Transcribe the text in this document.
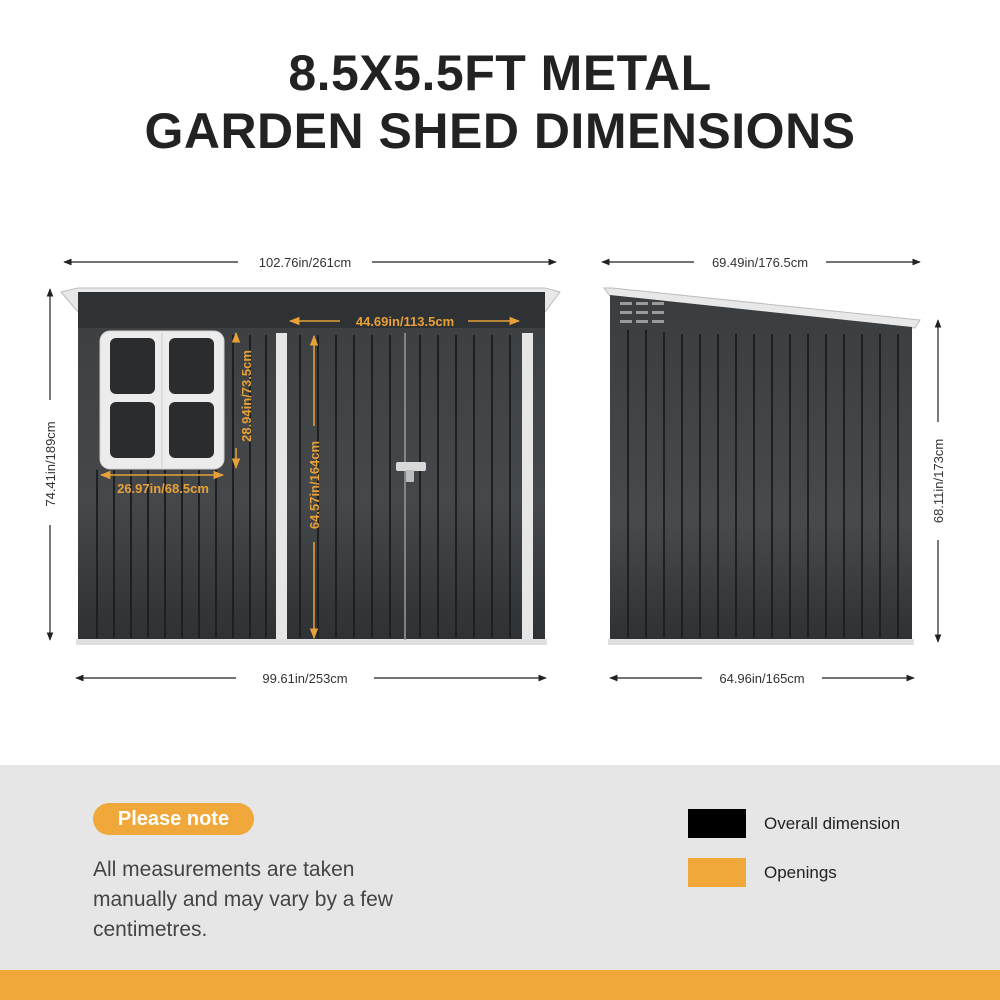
8.5X5.5FT METAL
GARDEN SHED DIMENSIONS
102.76in/261cm
74.41in/189cm
99.61in/253cm
44.69in/113.5cm
64.57in/164cm
28.94in/73.5cm
26.97in/68.5cm
69.49in/176.5cm
64.96in/165cm
68.11in/173cm
Please note
All measurements are taken manually and may vary by a few centimetres.
Overall dimension
Openings
